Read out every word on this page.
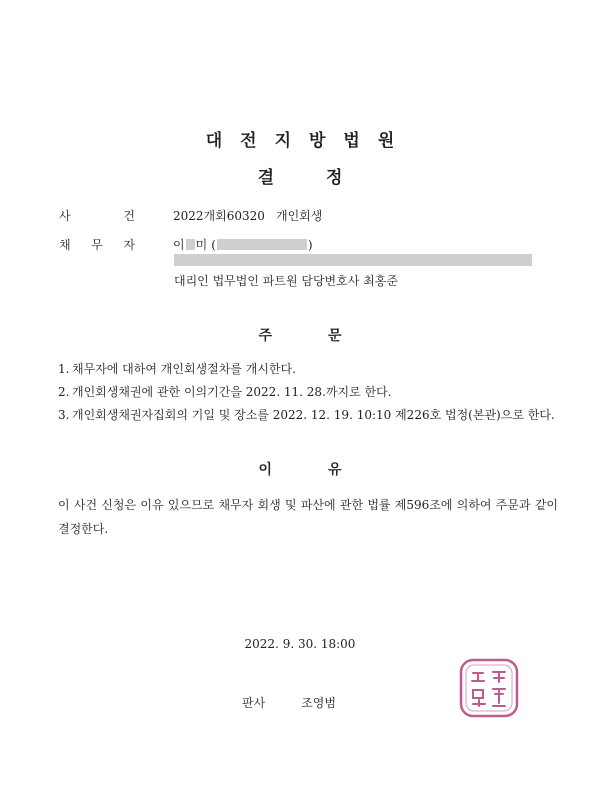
대전지방법원
결정
사	건	2022개회60320 개인회생
채 무 자	이 미 (	)
대리인 법무법인 파트원 담당변호사 최홍준
주문
1. 채무자에 대하여 개인회생절차를 개시한다.
2. 개인회생채권에 관한 이의기간을 2022. 11. 28.까지로 한다.
3. 개인회생채권자집회의 기일 및 장소를 2022. 12. 19. 10:10 제226호 법정(본관)으로 한다.
이유
이 사건 신청은 이유 있으므로 채무자 회생 및 파산에 관한 법률 제596조에 의하여 주문과 같이 결정한다.
2022. 9. 30. 18:00
판사	조영범
